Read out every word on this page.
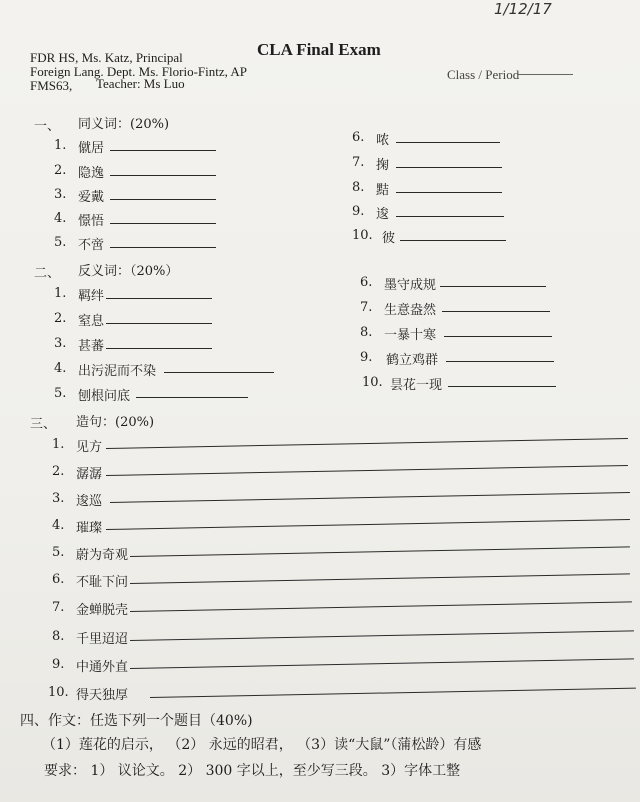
1/12/17
FDR HS, Ms. Katz, Principal	CLA Final Exam
Foreign Lang. Dept. Ms. Florio-Fintz, AP
FMS63, Teacher: Ms Luo
Class / Period
一、 同义词：(20%)
1. 僦居
2. 隐逸
3. 爱戴
4. 憬悟
5. 不啻
6. 哝
7. 掬
8. 黠
9. 逡
10. 彼
二、 反义词：（20%）
1. 羁绊
2. 窒息
3. 甚蕃
4. 出污泥而不染
5. 刨根问底
6. 墨守成规
7. 生意盎然
8. 一暴十寒
9. 鹤立鸡群
10. 昙花一现
三、 造句：(20%)
1. 见方
2. 潺潺
3. 逡巡
4. 璀璨
5. 蔚为奇观
6. 不耻下问
7. 金蝉脱壳
8. 千里迢迢
9. 中通外直
10. 得天独厚
四、作文：任选下列一个题目（40%)
（1）莲花的启示， （2） 永远的昭君， （3）读“大鼠”（蒲松龄）有感
要求： 1） 议论文。 2） 300 字以上，至少写三段。 3）字体工整
